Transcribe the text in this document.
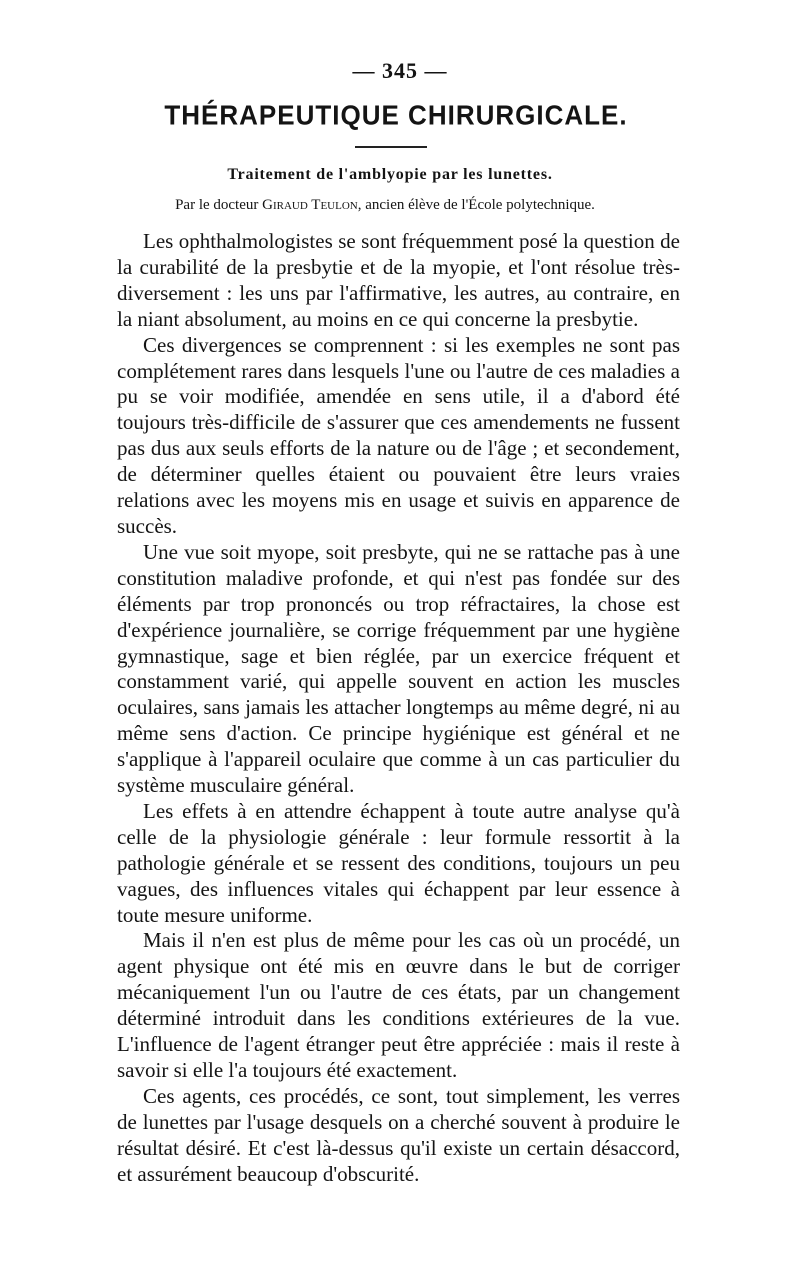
— 345 —
THÉRAPEUTIQUE CHIRURGICALE.
Traitement de l'amblyopie par les lunettes.
Par le docteur Giraud Teulon, ancien élève de l'École polytechnique.

Les ophthalmologistes se sont fréquemment posé la question de la curabilité de la presbytie et de la myopie, et l'ont résolue très-diversement : les uns par l'affirmative, les autres, au contraire, en la niant absolument, au moins en ce qui concerne la presbytie.

Ces divergences se comprennent : si les exemples ne sont pas complétement rares dans lesquels l'une ou l'autre de ces maladies a pu se voir modifiée, amendée en sens utile, il a d'abord été toujours très-difficile de s'assurer que ces amendements ne fussent pas dus aux seuls efforts de la nature ou de l'âge ; et secondement, de déterminer quelles étaient ou pouvaient être leurs vraies relations avec les moyens mis en usage et suivis en apparence de succès.

Une vue soit myope, soit presbyte, qui ne se rattache pas à une constitution maladive profonde, et qui n'est pas fondée sur des éléments par trop prononcés ou trop réfractaires, la chose est d'expérience journalière, se corrige fréquemment par une hygiène gymnastique, sage et bien réglée, par un exercice fréquent et constamment varié, qui appelle souvent en action les muscles oculaires, sans jamais les attacher longtemps au même degré, ni au même sens d'action. Ce principe hygiénique est général et ne s'applique à l'appareil oculaire que comme à un cas particulier du système musculaire général.

Les effets à en attendre échappent à toute autre analyse qu'à celle de la physiologie générale : leur formule ressortit à la pathologie générale et se ressent des conditions, toujours un peu vagues, des influences vitales qui échappent par leur essence à toute mesure uniforme.

Mais il n'en est plus de même pour les cas où un procédé, un agent physique ont été mis en œuvre dans le but de corriger mécaniquement l'un ou l'autre de ces états, par un changement déterminé introduit dans les conditions extérieures de la vue. L'influence de l'agent étranger peut être appréciée : mais il reste à savoir si elle l'a toujours été exactement.

Ces agents, ces procédés, ce sont, tout simplement, les verres de lunettes par l'usage desquels on a cherché souvent à produire le résultat désiré. Et c'est là-dessus qu'il existe un certain désaccord, et assurément beaucoup d'obscurité.
